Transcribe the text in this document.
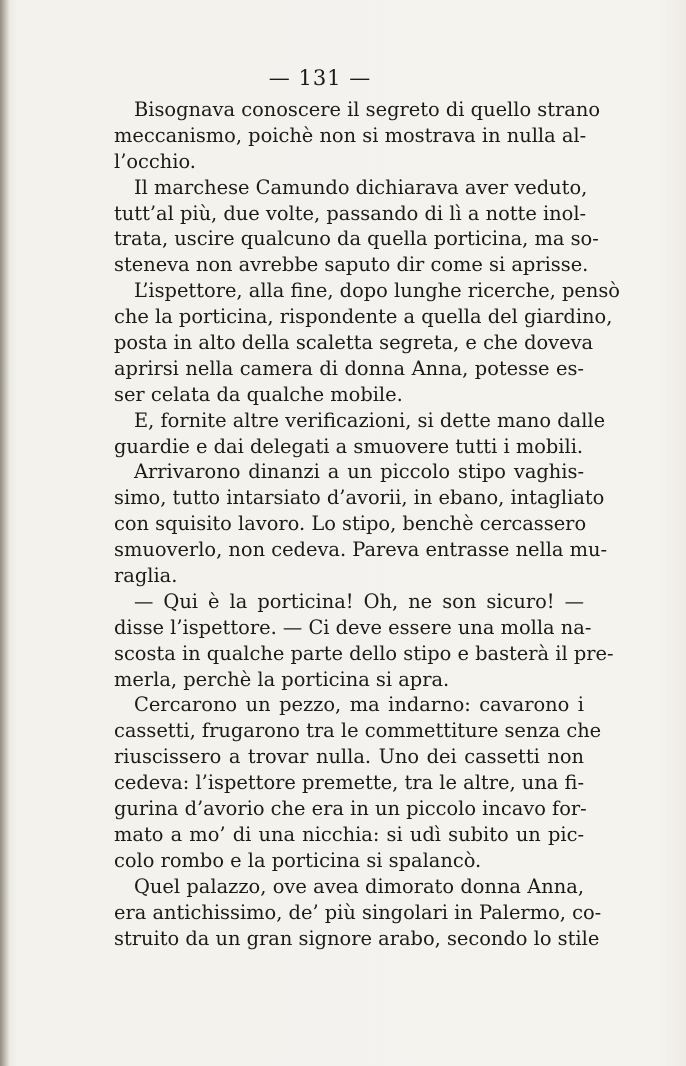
— 131 —
Bisognava conoscere il segreto di quello strano
meccanismo, poichè non si mostrava in nulla al-
l’occhio.
Il marchese Camundo dichiarava aver veduto,
tutt’al più, due volte, passando di lì a notte inol-
trata, uscire qualcuno da quella porticina, ma so-
steneva non avrebbe saputo dir come si aprisse.
L’ispettore, alla fine, dopo lunghe ricerche, pensò
che la porticina, rispondente a quella del giardino,
posta in alto della scaletta segreta, e che doveva
aprirsi nella camera di donna Anna, potesse es-
ser celata da qualche mobile.
E, fornite altre verificazioni, si dette mano dalle
guardie e dai delegati a smuovere tutti i mobili.
Arrivarono dinanzi a un piccolo stipo vaghis-
simo, tutto intarsiato d’avorii, in ebano, intagliato
con squisito lavoro. Lo stipo, benchè cercassero
smuoverlo, non cedeva. Pareva entrasse nella mu-
raglia.
— Qui è la porticina! Oh, ne son sicuro! —
disse l’ispettore. — Ci deve essere una molla na-
scosta in qualche parte dello stipo e basterà il pre-
merla, perchè la porticina si apra.
Cercarono un pezzo, ma indarno: cavarono i
cassetti, frugarono tra le commettiture senza che
riuscissero a trovar nulla. Uno dei cassetti non
cedeva: l’ispettore premette, tra le altre, una fi-
gurina d’avorio che era in un piccolo incavo for-
mato a mo’ di una nicchia: si udì subito un pic-
colo rombo e la porticina si spalancò.
Quel palazzo, ove avea dimorato donna Anna,
era antichissimo, de’ più singolari in Palermo, co-
struito da un gran signore arabo, secondo lo stile
